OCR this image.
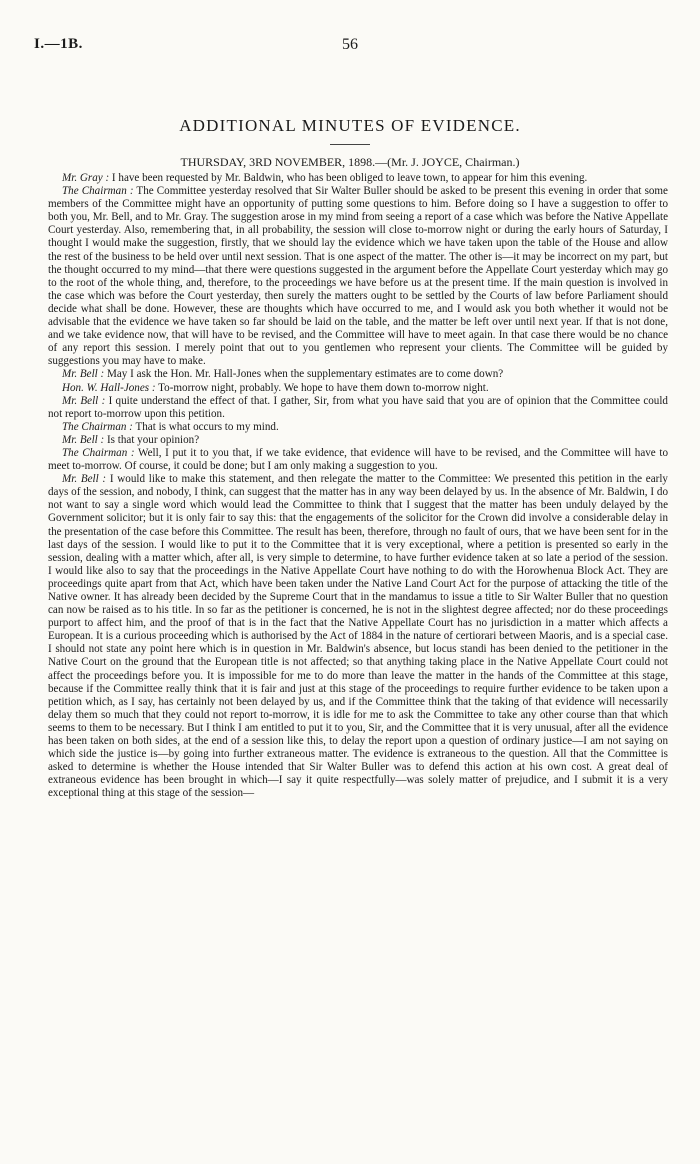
I.—1B.	56
ADDITIONAL MINUTES OF EVIDENCE.
THURSDAY, 3RD NOVEMBER, 1898.—(Mr. J. JOYCE, Chairman.)

Mr. Gray : I have been requested by Mr. Baldwin, who has been obliged to leave town, to appear for him this evening.

The Chairman : The Committee yesterday resolved that Sir Walter Buller should be asked to be present this evening in order that some members of the Committee might have an opportunity of putting some questions to him. Before doing so I have a suggestion to offer to both you, Mr. Bell, and to Mr. Gray. The suggestion arose in my mind from seeing a report of a case which was before the Native Appellate Court yesterday. Also, remembering that, in all probability, the session will close to-morrow night or during the early hours of Saturday, I thought I would make the suggestion, firstly, that we should lay the evidence which we have taken upon the table of the House and allow the rest of the business to be held over until next session. That is one aspect of the matter. The other is—it may be incorrect on my part, but the thought occurred to my mind—that there were questions suggested in the argument before the Appellate Court yesterday which may go to the root of the whole thing, and, therefore, to the proceedings we have before us at the present time. If the main question is involved in the case which was before the Court yesterday, then surely the matters ought to be settled by the Courts of law before Parliament should decide what shall be done. However, these are thoughts which have occurred to me, and I would ask you both whether it would not be advisable that the evidence we have taken so far should be laid on the table, and the matter be left over until next year. If that is not done, and we take evidence now, that will have to be revised, and the Committee will have to meet again. In that case there would be no chance of any report this session. I merely point that out to you gentlemen who represent your clients. The Committee will be guided by suggestions you may have to make.

Mr. Bell : May I ask the Hon. Mr. Hall-Jones when the supplementary estimates are to come down?

Hon. W. Hall-Jones : To-morrow night, probably. We hope to have them down to-morrow night.

Mr. Bell : I quite understand the effect of that. I gather, Sir, from what you have said that you are of opinion that the Committee could not report to-morrow upon this petition.

The Chairman : That is what occurs to my mind.

Mr. Bell : Is that your opinion?

The Chairman : Well, I put it to you that, if we take evidence, that evidence will have to be revised, and the Committee will have to meet to-morrow. Of course, it could be done; but I am only making a suggestion to you.

Mr. Bell : I would like to make this statement, and then relegate the matter to the Committee: We presented this petition in the early days of the session, and nobody, I think, can suggest that the matter has in any way been delayed by us. In the absence of Mr. Baldwin, I do not want to say a single word which would lead the Committee to think that I suggest that the matter has been unduly delayed by the Government solicitor; but it is only fair to say this: that the engagements of the solicitor for the Crown did involve a considerable delay in the presentation of the case before this Committee. The result has been, therefore, through no fault of ours, that we have been sent for in the last days of the session. I would like to put it to the Committee that it is very exceptional, where a petition is presented so early in the session, dealing with a matter which, after all, is very simple to determine, to have further evidence taken at so late a period of the session. I would like also to say that the proceedings in the Native Appellate Court have nothing to do with the Horowhenua Block Act. They are proceedings quite apart from that Act, which have been taken under the Native Land Court Act for the purpose of attacking the title of the Native owner. It has already been decided by the Supreme Court that in the mandamus to issue a title to Sir Walter Buller that no question can now be raised as to his title. In so far as the petitioner is concerned, he is not in the slightest degree affected; nor do these proceedings purport to affect him, and the proof of that is in the fact that the Native Appellate Court has no jurisdiction in a matter which affects a European. It is a curious proceeding which is authorised by the Act of 1884 in the nature of certiorari between Maoris, and is a special case. I should not state any point here which is in question in Mr. Baldwin's absence, but locus standi has been denied to the petitioner in the Native Court on the ground that the European title is not affected; so that anything taking place in the Native Appellate Court could not affect the proceedings before you. It is impossible for me to do more than leave the matter in the hands of the Committee at this stage, because if the Committee really think that it is fair and just at this stage of the proceedings to require further evidence to be taken upon a petition which, as I say, has certainly not been delayed by us, and if the Committee think that the taking of that evidence will necessarily delay them so much that they could not report to-morrow, it is idle for me to ask the Committee to take any other course than that which seems to them to be necessary. But I think I am entitled to put it to you, Sir, and the Committee that it is very unusual, after all the evidence has been taken on both sides, at the end of a session like this, to delay the report upon a question of ordinary justice—I am not saying on which side the justice is—by going into further extraneous matter. The evidence is extraneous to the question. All that the Committee is asked to determine is whether the House intended that Sir Walter Buller was to defend this action at his own cost. A great deal of extraneous evidence has been brought in which—I say it quite respectfully—was solely matter of prejudice, and I submit it is a very exceptional thing at this stage of the session—
